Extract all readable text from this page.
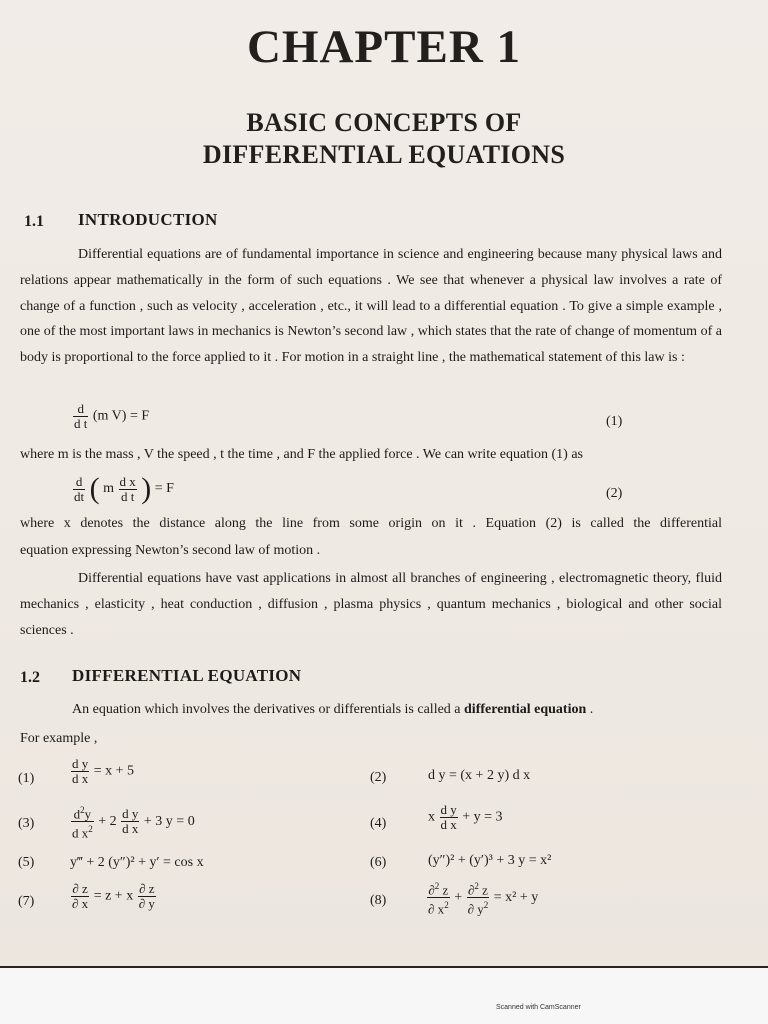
CHAPTER 1
BASIC CONCEPTS OF
DIFFERENTIAL EQUATIONS
1.1 INTRODUCTION
Differential equations are of fundamental importance in science and engineering because many physical laws and relations appear mathematically in the form of such equations . We see that whenever a physical law involves a rate of change of a function , such as velocity , acceleration , etc., it will lead to a differential equation . To give a simple example , one of the most important laws in mechanics is Newton’s second law , which states that the rate of change of momentum of a body is proportional to the force applied to it . For motion in a straight line , the mathematical statement of this law is :
$\frac{d}{\text{d t}} (m$ V) = F	(1)
where m is the mass , V the speed , t the time , and F the applied force . We can write equation (1) as
$\frac{d}{dt}$ ( m $\frac{\text{d x}}{\text{d t}}$ ) = F	(2)
where x denotes the distance along the line from some origin on it . Equation (2) is called the differential
equation expressing Newton’s second law of motion .
Differential equations have vast applications in almost all branches of engineering , electromagnetic theory, fluid mechanics , elasticity , heat conduction , diffusion , plasma physics , quantum mechanics , biological and other social sciences .
1.2 DIFFERENTIAL EQUATION
An equation which involves the derivatives or differentials is called a differential equation .
For example ,
(1)	$\frac{\text{d y}}{\text{d x}} = x + 5$	(2)	d y = (x + 2 y) d x
(3)	$\frac{d^2y}{d x^2} + 2 \frac{\text{d y}}{\text{d x}} + 3$ y = 0	(4)	x $\frac{\text{d y}}{\text{d x}} + y = 3$
(5)	y‴ + 2 (y″)² + y′ = cos x	(6)	(y″)² + (y′)³ + 3 y = x²
(7)	$\frac{\partial z}{\partial x} = z + x \frac{\partial z}{\partial y}$	(8)	$\frac{\partial^2 z}{\partial x^2} + \frac{\partial^2 z}{\partial y^2} = x^2 + y$
Scanned with CamScanner
